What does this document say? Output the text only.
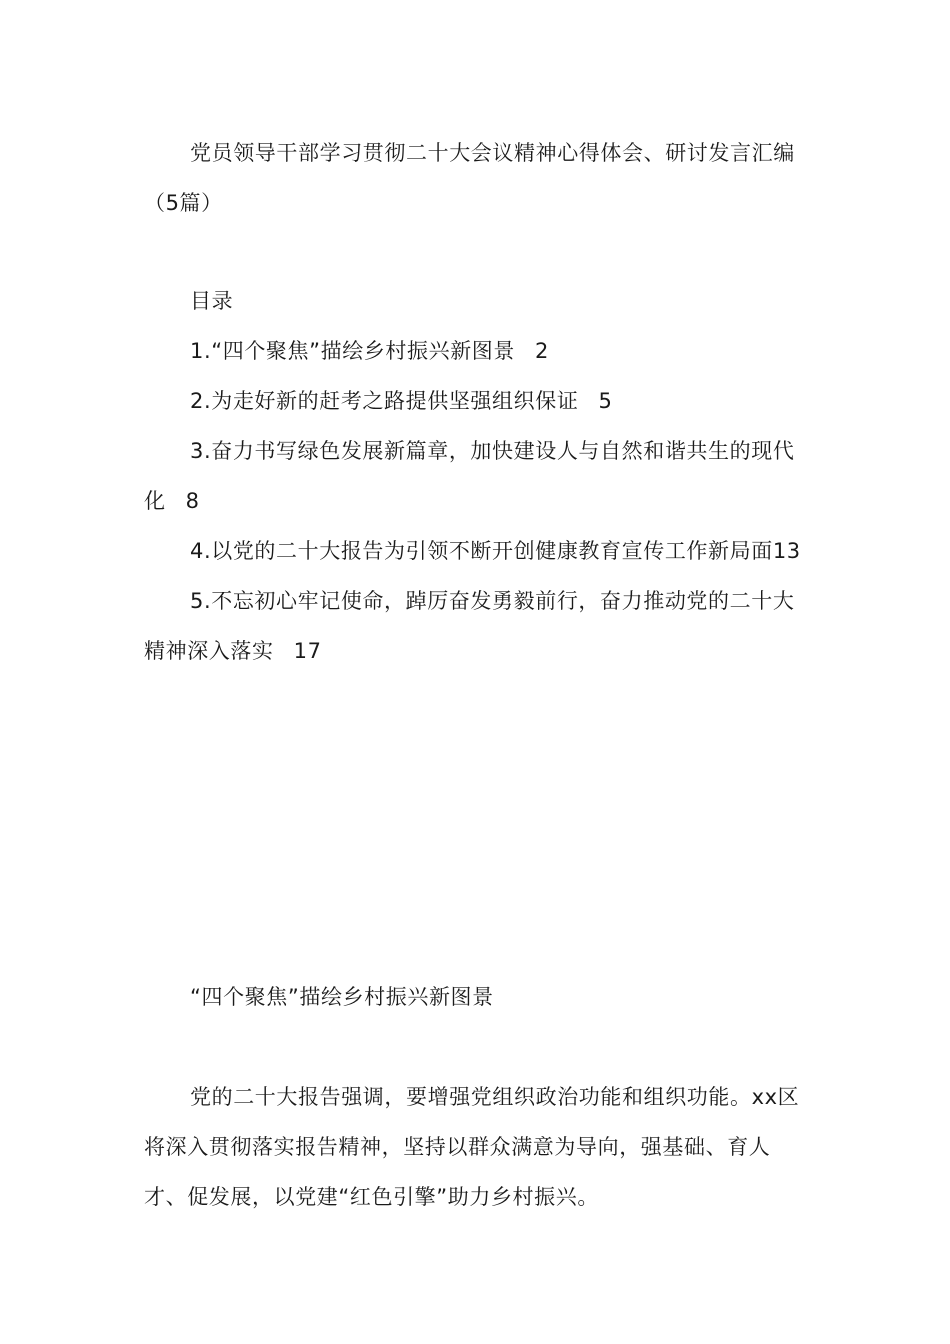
党员领导干部学习贯彻二十大会议精神心得体会、研讨发言汇编（5篇）

目录

1.“四个聚焦”描绘乡村振兴新图景 2
2.为走好新的赶考之路提供坚强组织保证 5
3.奋力书写绿色发展新篇章，加快建设人与自然和谐共生的现代化 8
4.以党的二十大报告为引领不断开创健康教育宣传工作新局面13
5.不忘初心牢记使命，踔厉奋发勇毅前行，奋力推动党的二十大精神深入落实 17

“四个聚焦”描绘乡村振兴新图景

党的二十大报告强调，要增强党组织政治功能和组织功能。xx区将深入贯彻落实报告精神，坚持以群众满意为导向，强基础、育人才、促发展，以党建“红色引擎”助力乡村振兴。
